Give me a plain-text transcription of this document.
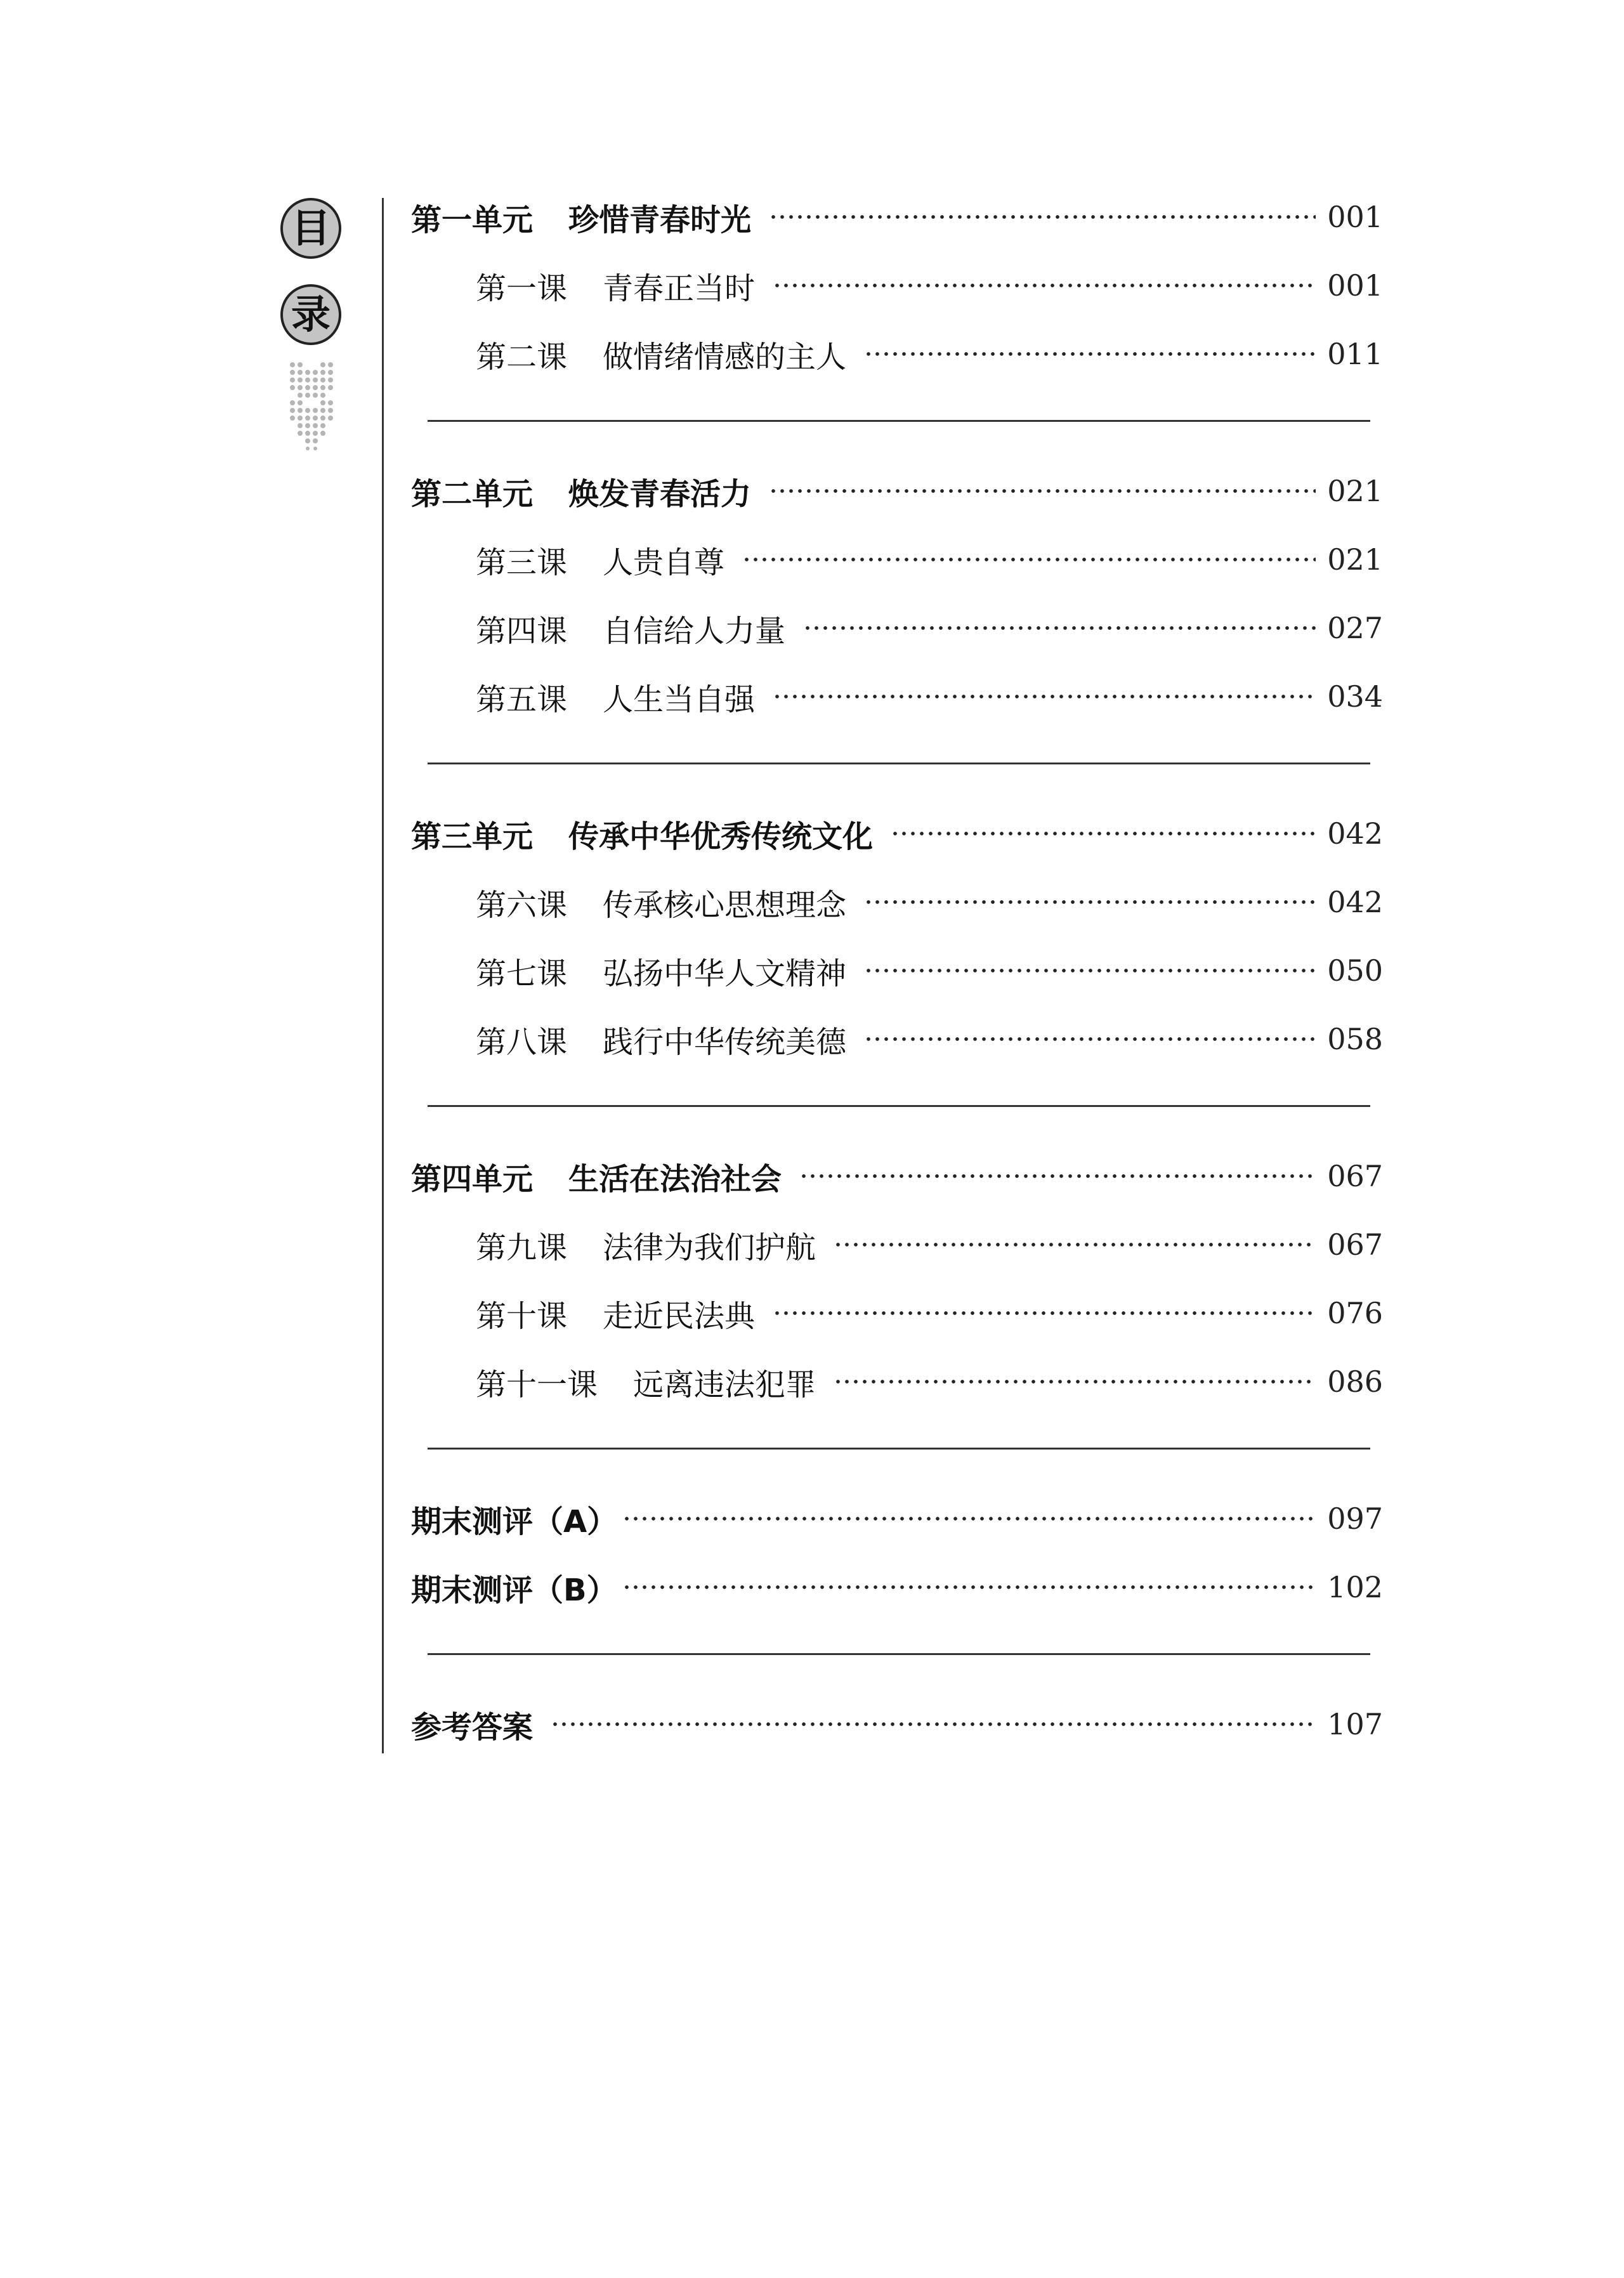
目
录
第一单元 珍惜青春时光	001
第一课 青春正当时	001
第二课 做情绪情感的主人	011
第二单元 焕发青春活力	021
第三课 人贵自尊	021
第四课 自信给人力量	027
第五课 人生当自强	034
第三单元 传承中华优秀传统文化	042
第六课 传承核心思想理念	042
第七课 弘扬中华人文精神	050
第八课 践行中华传统美德	058
第四单元 生活在法治社会	067
第九课 法律为我们护航	067
第十课 走近民法典	076
第十一课 远离违法犯罪	086
期末测评（A）	097
期末测评（B）	102
参考答案	107
